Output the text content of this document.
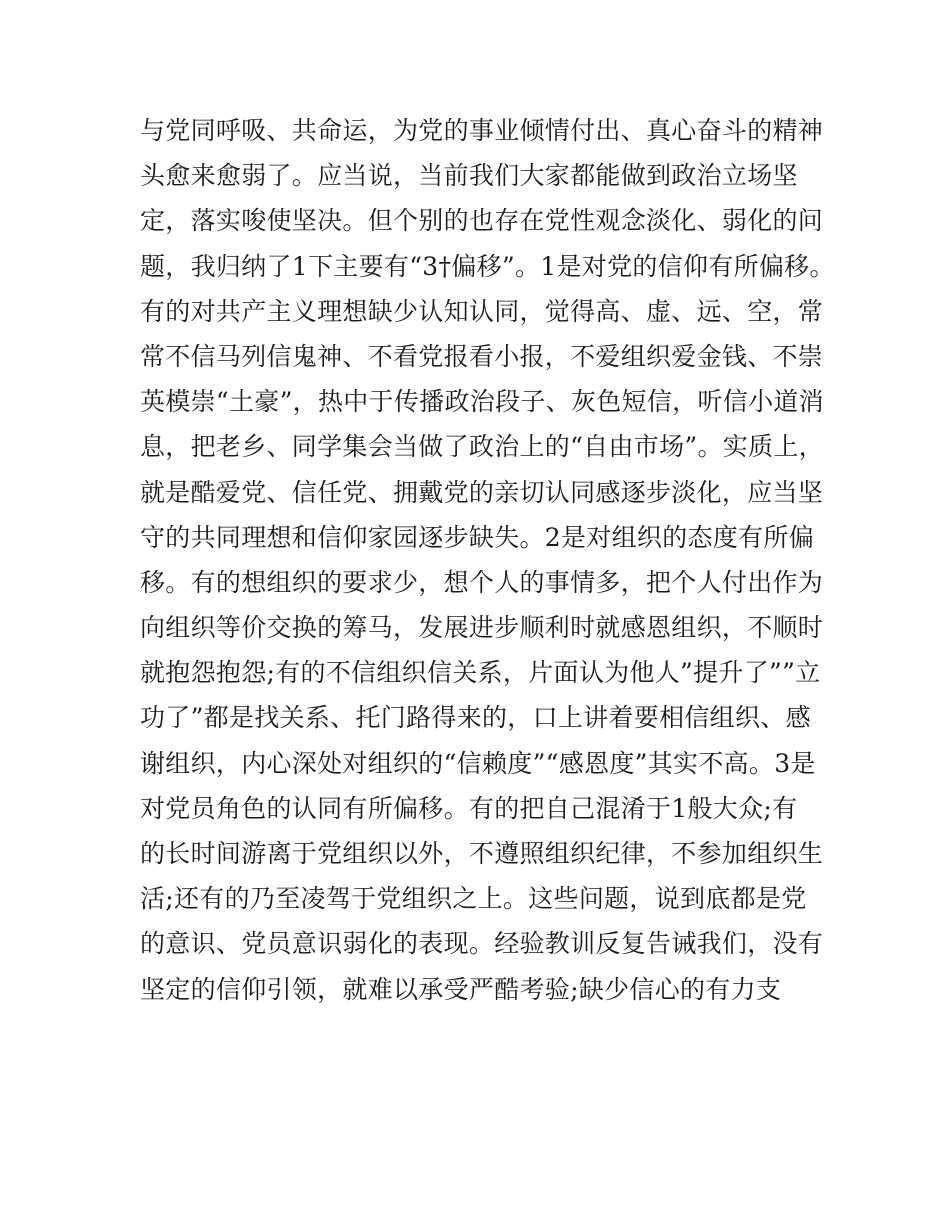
与党同呼吸、共命运，为党的事业倾情付出、真心奋斗的精神
头愈来愈弱了。应当说，当前我们大家都能做到政治立场坚
定，落实唆使坚决。但个别的也存在党性观念淡化、弱化的问
题，我归纳了1下主要有“3†偏移”。1是对党的信仰有所偏移。
有的对共产主义理想缺少认知认同，觉得高、虚、远、空，常
常不信马列信鬼神、不看党报看小报，不爱组织爱金钱、不崇
英模崇“土豪”，热中于传播政治段子、灰色短信，听信小道消
息，把老乡、同学集会当做了政治上的“自由市场”。实质上，
就是酷爱党、信任党、拥戴党的亲切认同感逐步淡化，应当坚
守的共同理想和信仰家园逐步缺失。2是对组织的态度有所偏
移。有的想组织的要求少，想个人的事情多，把个人付出作为
向组织等价交换的筹马，发展进步顺利时就感恩组织，不顺时
就抱怨抱怨;有的不信组织信关系，片面认为他人”提升了””立
功了”都是找关系、托门路得来的，口上讲着要相信组织、感
谢组织，内心深处对组织的“信赖度”“感恩度”其实不高。3是
对党员角色的认同有所偏移。有的把自己混淆于1般大众;有
的长时间游离于党组织以外，不遵照组织纪律，不参加组织生
活;还有的乃至凌驾于党组织之上。这些问题，说到底都是党
的意识、党员意识弱化的表现。经验教训反复告诫我们，没有
坚定的信仰引领，就难以承受严酷考验;缺少信心的有力支
